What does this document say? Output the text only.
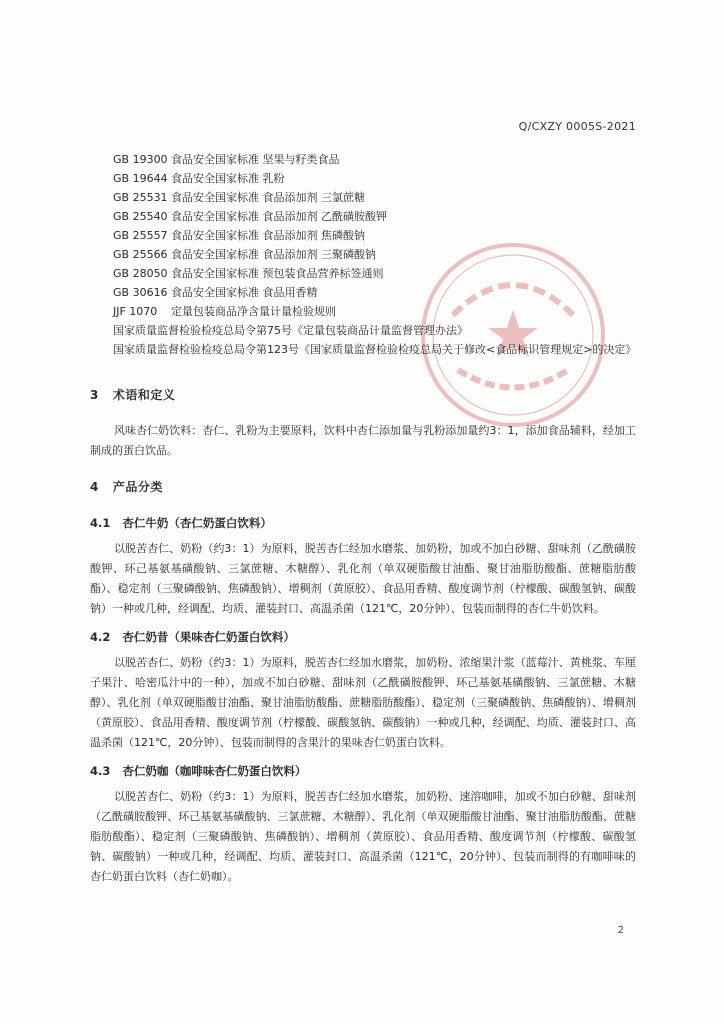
Q/CXZY 0005S-2021
GB 19300 食品安全国家标准 坚果与籽类食品
GB 19644 食品安全国家标准 乳粉
GB 25531 食品安全国家标准 食品添加剂 三氯蔗糖
GB 25540 食品安全国家标准 食品添加剂 乙酰磺胺酸钾
GB 25557 食品安全国家标准 食品添加剂 焦磷酸钠
GB 25566 食品安全国家标准 食品添加剂 三聚磷酸钠
GB 28050 食品安全国家标准 预包装食品营养标签通则
GB 30616 食品安全国家标准 食品用香精
JJF 1070	定量包装商品净含量计量检验规则
国家质量监督检验检疫总局令第75号《定量包装商品计量监督管理办法》
国家质量监督检验检疫总局令第123号《国家质量监督检验检疫总局关于修改<食品标识管理规定>的决定》
3 术语和定义
风味杏仁奶饮料：杏仁、乳粉为主要原料，饮料中杏仁添加量与乳粉添加量约3：1，添加食品辅料，经加工制成的蛋白饮品。
4 产品分类
4.1 杏仁牛奶（杏仁奶蛋白饮料）
以脱苦杏仁、奶粉（约3：1）为原料，脱苦杏仁经加水磨浆、加奶粉，加或不加白砂糖、甜味剂（乙酰磺胺酸钾、环己基氨基磺酸钠、三氯蔗糖、木糖醇）、乳化剂（单双硬脂酸甘油酯、聚甘油脂肪酸酯、蔗糖脂肪酸酯）、稳定剂（三聚磷酸钠、焦磷酸钠）、增稠剂（黄原胶）、食品用香精、酸度调节剂（柠檬酸、碳酸氢钠、碳酸钠）一种或几种，经调配、均质、灌装封口、高温杀菌（121℃，20分钟）、包装而制得的杏仁牛奶饮料。
4.2 杏仁奶昔（果味杏仁奶蛋白饮料）
以脱苦杏仁、奶粉（约3：1）为原料，脱苦杏仁经加水磨浆，加奶粉、浓缩果汁浆（蓝莓汁、黄桃浆、车厘子果汁、哈密瓜汁中的一种），加或不加白砂糖、甜味剂（乙酰磺胺酸钾、环己基氨基磺酸钠、三氯蔗糖、木糖醇）、乳化剂（单双硬脂酸甘油酯、聚甘油脂肪酸酯、蔗糖脂肪酸酯）、稳定剂（三聚磷酸钠、焦磷酸钠）、增稠剂（黄原胶）、食品用香精、酸度调节剂（柠檬酸、碳酸氢钠、碳酸钠）一种或几种，经调配、均质、灌装封口、高温杀菌（121℃，20分钟）、包装而制得的含果汁的果味杏仁奶蛋白饮料。
4.3 杏仁奶咖（咖啡味杏仁奶蛋白饮料）
以脱苦杏仁、奶粉（约3：1）为原料，脱苦杏仁经加水磨浆，加奶粉、速溶咖啡，加或不加白砂糖、甜味剂（乙酰磺胺酸钾、环己基氨基磺酸钠、三氯蔗糖、木糖醇）、乳化剂（单双硬脂酸甘油酯、聚甘油脂肪酸酯、蔗糖脂肪酸酯）、稳定剂（三聚磷酸钠、焦磷酸钠）、增稠剂（黄原胶）、食品用香精、酸度调节剂（柠檬酸、碳酸氢钠、碳酸钠）一种或几种，经调配、均质、灌装封口、高温杀菌（121℃，20分钟）、包装而制得的有咖啡味的杏仁奶蛋白饮料（杏仁奶咖）。
2
